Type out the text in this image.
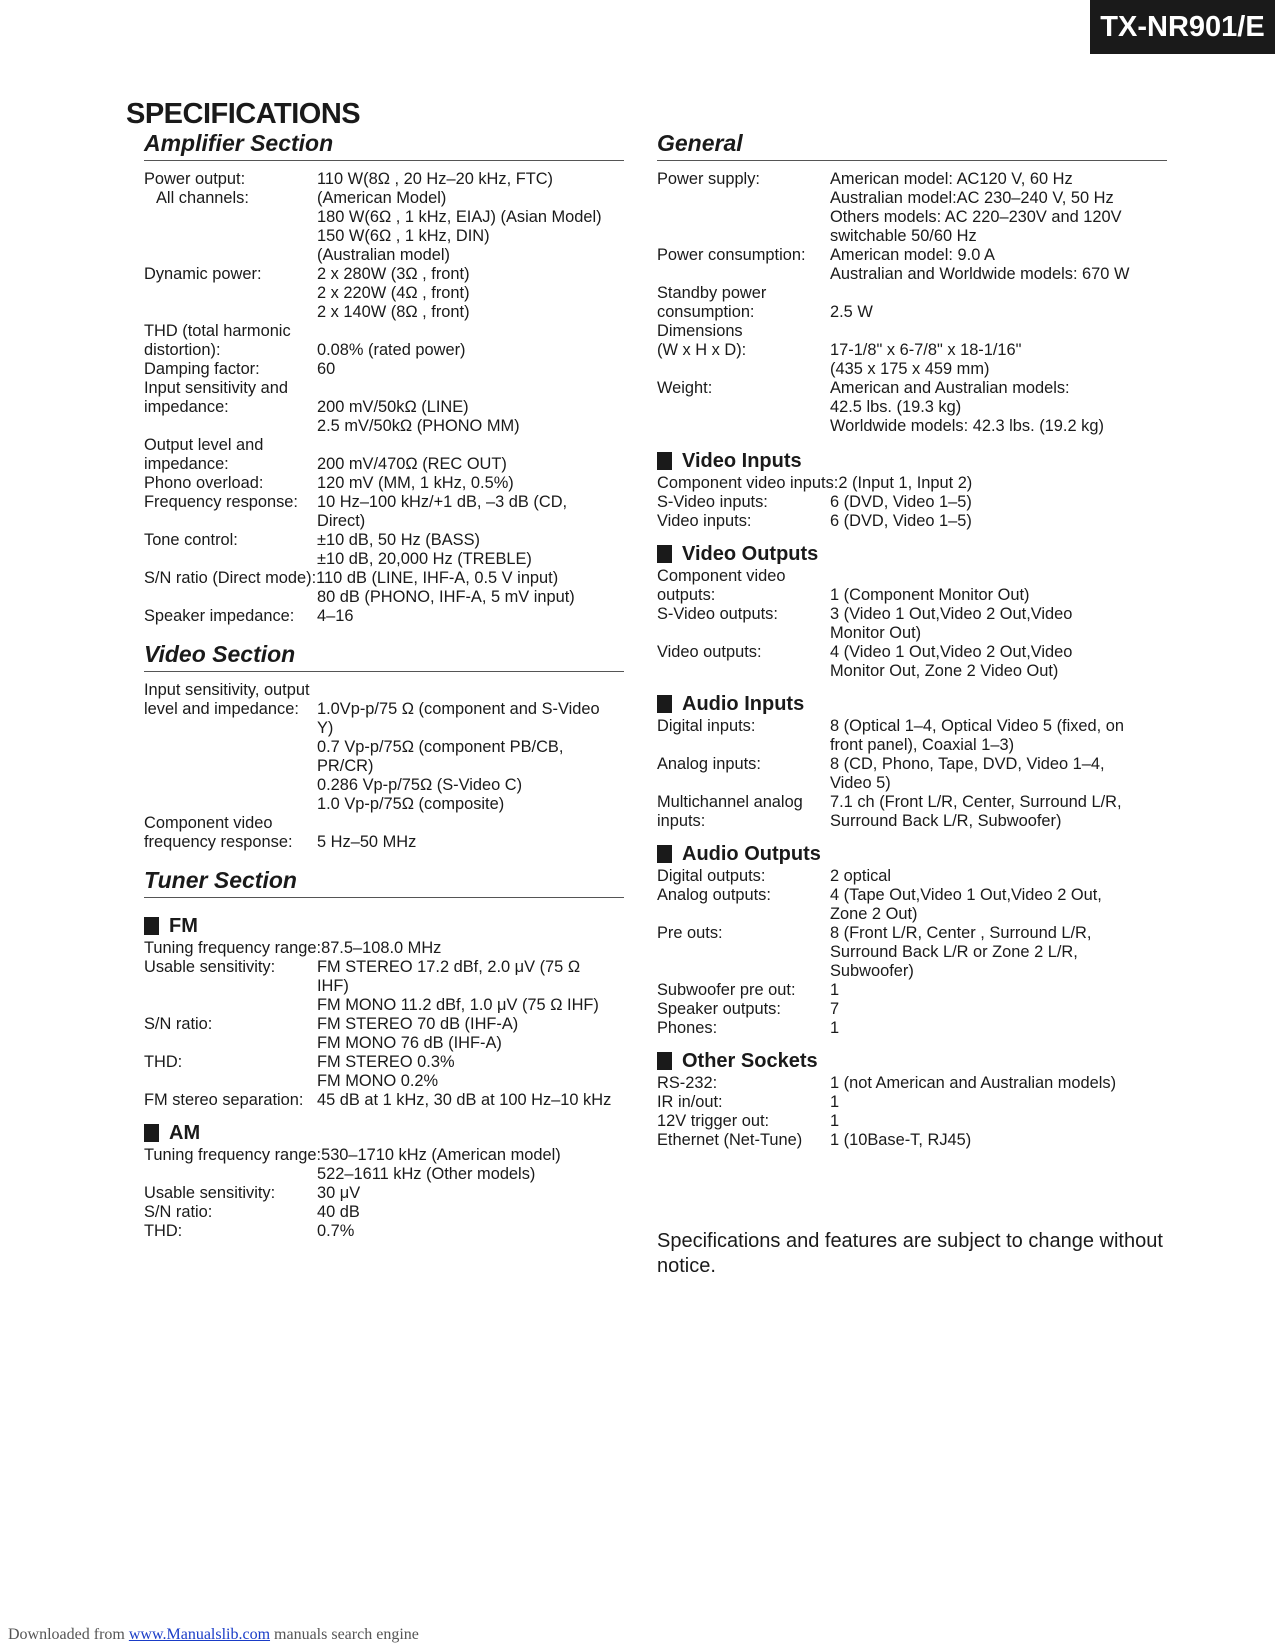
TX-NR901/E
SPECIFICATIONS
Amplifier Section
Power output:	110 W(8Ω , 20 Hz–20 kHz, FTC)
All channels:	(American Model)
180 W(6Ω , 1 kHz, EIAJ) (Asian Model)
150 W(6Ω , 1 kHz, DIN)
(Australian model)
Dynamic power:	2 x 280W (3Ω , front)
2 x 220W (4Ω , front)
2 x 140W (8Ω , front)
THD (total harmonic
distortion):	0.08% (rated power)
Damping factor:	60
Input sensitivity and
impedance:	200 mV/50kΩ (LINE)
2.5 mV/50kΩ (PHONO MM)
Output level and
impedance:	200 mV/470Ω (REC OUT)
Phono overload:	120 mV (MM, 1 kHz, 0.5%)
Frequency response:	10 Hz–100 kHz/+1 dB, –3 dB (CD,
Direct)
Tone control:	±10 dB, 50 Hz (BASS)
±10 dB, 20,000 Hz (TREBLE)
S/N ratio (Direct mode): 110 dB (LINE, IHF-A, 0.5 V input)
80 dB (PHONO, IHF-A, 5 mV input)
Speaker impedance:	4–16
Video Section
Input sensitivity, output
level and impedance:	1.0Vp-p/75 Ω (component and S-Video
Y)
0.7 Vp-p/75Ω (component PB/CB, PR/CR)
0.286 Vp-p/75Ω (S-Video C)
1.0 Vp-p/75Ω (composite)
Component video
frequency response:	5 Hz–50 MHz
Tuner Section
FM
Tuning frequency range: 87.5–108.0 MHz
Usable sensitivity:	FM STEREO 17.2 dBf, 2.0 μV (75 Ω
IHF)
FM MONO 11.2 dBf, 1.0 μV (75 Ω IHF)
S/N ratio:	FM STEREO 70 dB (IHF-A)
FM MONO 76 dB (IHF-A)
THD:	FM STEREO 0.3%
FM MONO 0.2%
FM stereo separation: 45 dB at 1 kHz, 30 dB at 100 Hz–10 kHz
AM
Tuning frequency range: 530–1710 kHz (American model)
522–1611 kHz (Other models)
Usable sensitivity:	30 μV
S/N ratio:	40 dB
THD:	0.7%
General
Power supply:	American model: AC120 V, 60 Hz
Australian model:AC 230–240 V, 50 Hz
Others models: AC 220–230V and 120V
switchable 50/60 Hz
Power consumption:	American model: 9.0 A
Australian and Worldwide models: 670 W
Standby power
consumption:	2.5 W
Dimensions
(W x H x D):	17-1/8" x 6-7/8" x 18-1/16"
(435 x 175 x 459 mm)
Weight:	American and Australian models:
42.5 lbs. (19.3 kg)
Worldwide models: 42.3 lbs. (19.2 kg)
Video Inputs
Component video inputs: 2 (Input 1, Input 2)
S-Video inputs:	6 (DVD, Video 1–5)
Video inputs:	6 (DVD, Video 1–5)
Video Outputs
Component video
outputs:	1 (Component Monitor Out)
S-Video outputs:	3 (Video 1 Out,Video 2 Out,Video
Monitor Out)
Video outputs:	4 (Video 1 Out,Video 2 Out,Video
Monitor Out, Zone 2 Video Out)
Audio Inputs
Digital inputs:	8 (Optical 1–4, Optical Video 5 (fixed, on
front panel), Coaxial 1–3)
Analog inputs:	8 (CD, Phono, Tape, DVD, Video 1–4,
Video 5)
Multichannel analog	7.1 ch (Front L/R, Center, Surround L/R,
inputs:	Surround Back L/R, Subwoofer)
Audio Outputs
Digital outputs:	2 optical
Analog outputs:	4 (Tape Out,Video 1 Out,Video 2 Out,
Zone 2 Out)
Pre outs:	8 (Front L/R, Center , Surround L/R,
Surround Back L/R or Zone 2 L/R,
Subwoofer)
Subwoofer pre out:	1
Speaker outputs:	7
Phones:	1
Other Sockets
RS-232:	1 (not American and Australian models)
IR in/out:	1
12V trigger out:	1
Ethernet (Net-Tune)	1 (10Base-T, RJ45)
Specifications and features are subject to change without notice.
Downloaded from www.Manualslib.com manuals search engine
